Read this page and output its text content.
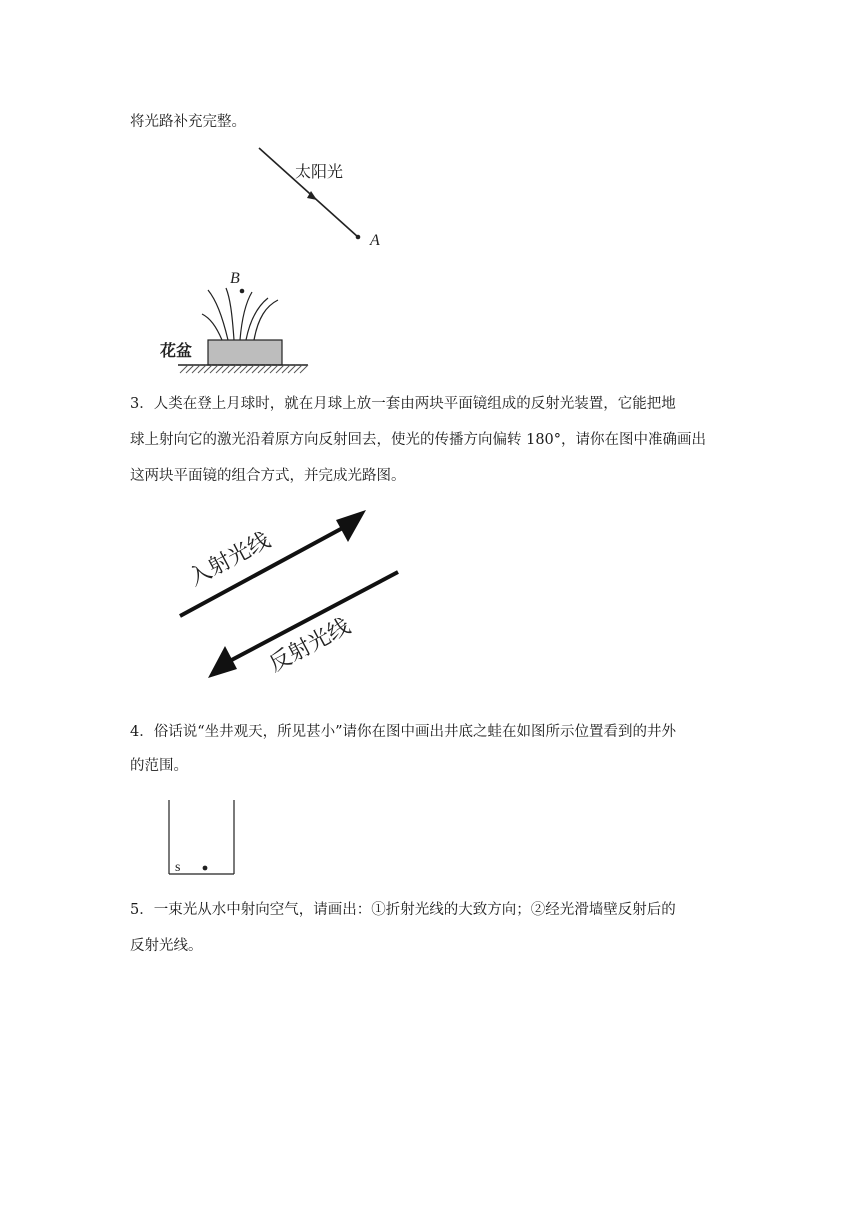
将光路补充完整。

太阳光
A
B
花盆

3．人类在登上月球时，就在月球上放一套由两块平面镜组成的反射光装置，它能把地

球上射向它的激光沿着原方向反射回去，使光的传播方向偏转 180°，请你在图中准确画出

这两块平面镜的组合方式，并完成光路图。

入射光线
反射光线

4．俗话说“坐井观天，所见甚小”请你在图中画出井底之蛙在如图所示位置看到的井外

的范围。

s

5．一束光从水中射向空气，请画出：①折射光线的大致方向；②经光滑墙壁反射后的

反射光线。
